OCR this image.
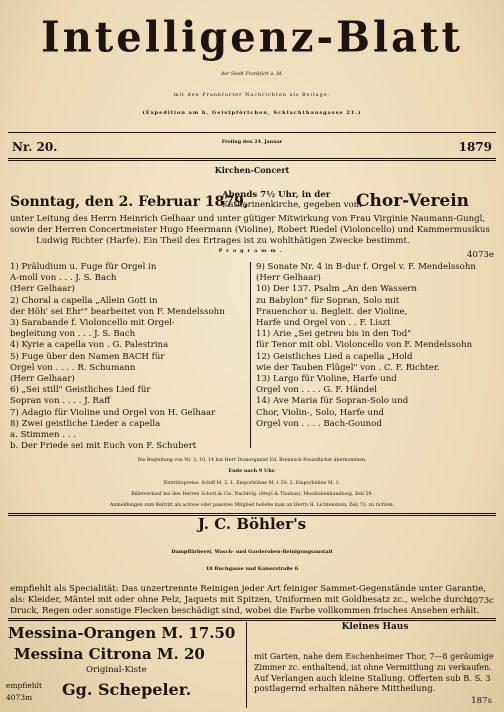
Intelligenz-Blatt
der Stadt Frankfurt a. M.
mit den Frankfurter Nachrichten als Beilage.
(Expedition am h. Geistpförtchen, Schlachthausgasse 21.)
Nr. 20.	Freitag den 24. Januar	1879
Kirchen-Concert
Sonntag, den 2. Februar 1879,
Abends 7½ Uhr, in der
Katharinenkirche, gegeben vom
Chor-Verein
unter Leitung des Herrn Heinrich Gelhaar und unter gütiger Mitwirkung von Frau Virginie Naumann-Gungl,
sowie der Herren Concertmeister Hugo Heermann (Violine), Robert Riedel (Violoncello) und Kammermusikus
Ludwig Richter (Harfe). Ein Theil des Ertrages ist zu wohlthätigen Zwecke bestimmt.
Programm.	4073e
1) Präludium u. Fuge für Orgel in
A-moll von . . . J. S. Bach
(Herr Gelhaar)
2) Choral a capella „Allein Gott in
der Höh' sei Ehr'" bearbeitet von F. Mendelssohn
3) Sarabande f. Violoncello mit Orgel-
begleitung von . . . J. S. Bach
4) Kyrie a capella von . G. Palestrina
5) Fuge über den Namen BACH für
Orgel von . . . . R. Schumann
(Herr Gelhaar)
6) „Sei still" Geistliches Lied für
Sopran von . . . . J. Raff
7) Adagio für Violine und Orgel von H. Gelhaar
8) Zwei geistliche Lieder a capella
a. Stimmen . . .
b. Der Friede sei mit Euch von F. Schubert
9) Sonate Nr. 4 in B-dur f. Orgel v. F. Mendelssohn
(Herr Gelhaar)
10) Der 137. Psalm „An den Wassern
zu Babylon" für Sopran, Solo mit
Frauenchor u. Begleit. der Violine,
Harfe und Orgel von . . F. Liszt
11) Arie „Sei getreu bis in den Tod"
für Tenor mit obl. Violoncello von F. Mendelssohn
12) Geistliches Lied a capella „Hold
wie der Tauben Flügel" von . C. F. Richter.
13) Largo für Violine, Harfe und
Orgel von . . . . G. F. Händel
14) Ave Maria für Sopran-Solo und
Chor, Violin-, Solo, Harfe und
Orgel von . . . . Bach-Gounod
Die Begleitung von Nr. 3, 10, 14 hat Herr Domorganist Ed. Brenneck freundlichst übernommen.
Ende nach 9 Uhr.
Eintrittspreise: Schiff M. 2. 1. Emporbühne M. 1.50. 2. Emporbühne M. 1.
Billetverkauf bei den Herren Schott & Cie. Nachfolg. (Steyl & Thomas), Musikalienhandlung, Zeil 59.
Anmeldungen zum Beitritt als actives oder passives Mitglied beliebe man an Herrn H. Lichtenstein, Zeil 73, zu richten.
J. C. Böhler's
Dampffärberei, Wasch- und Garderoben-Reinigungsanstalt
18 Buchgasse und Kaiserstraße 6
empfiehlt als Specialität: Das unzertrennte Reinigen jeder Art feiniger Sammet-Gegenstände unter Garantie,
als: Kleider, Mäntel mit oder ohne Pelz, Jaquets mit Spitzen, Uniformen mit Goldbesatz zc., welche durch
Druck, Regen oder sonstige Flecken beschädigt sind, wobei die Farbe vollkommen frisches Ansehen erhält.
4073c
Messina-Orangen M. 17.50
Messina Citrona M. 20
Original-Kiste
empfiehlt
4073m Gg. Schepeler.
Kleines Haus
mit Garten, nahe dem Eschenheimer Thor, 7—8 geräumige
Zimmer zc. enthaltend, ist ohne Vermittlung zu verkaufen.
Auf Verlangen auch kleine Stallung. Offerten sub B. S. 3
postlagernd erhalten nähere Mittheilung.
187s
